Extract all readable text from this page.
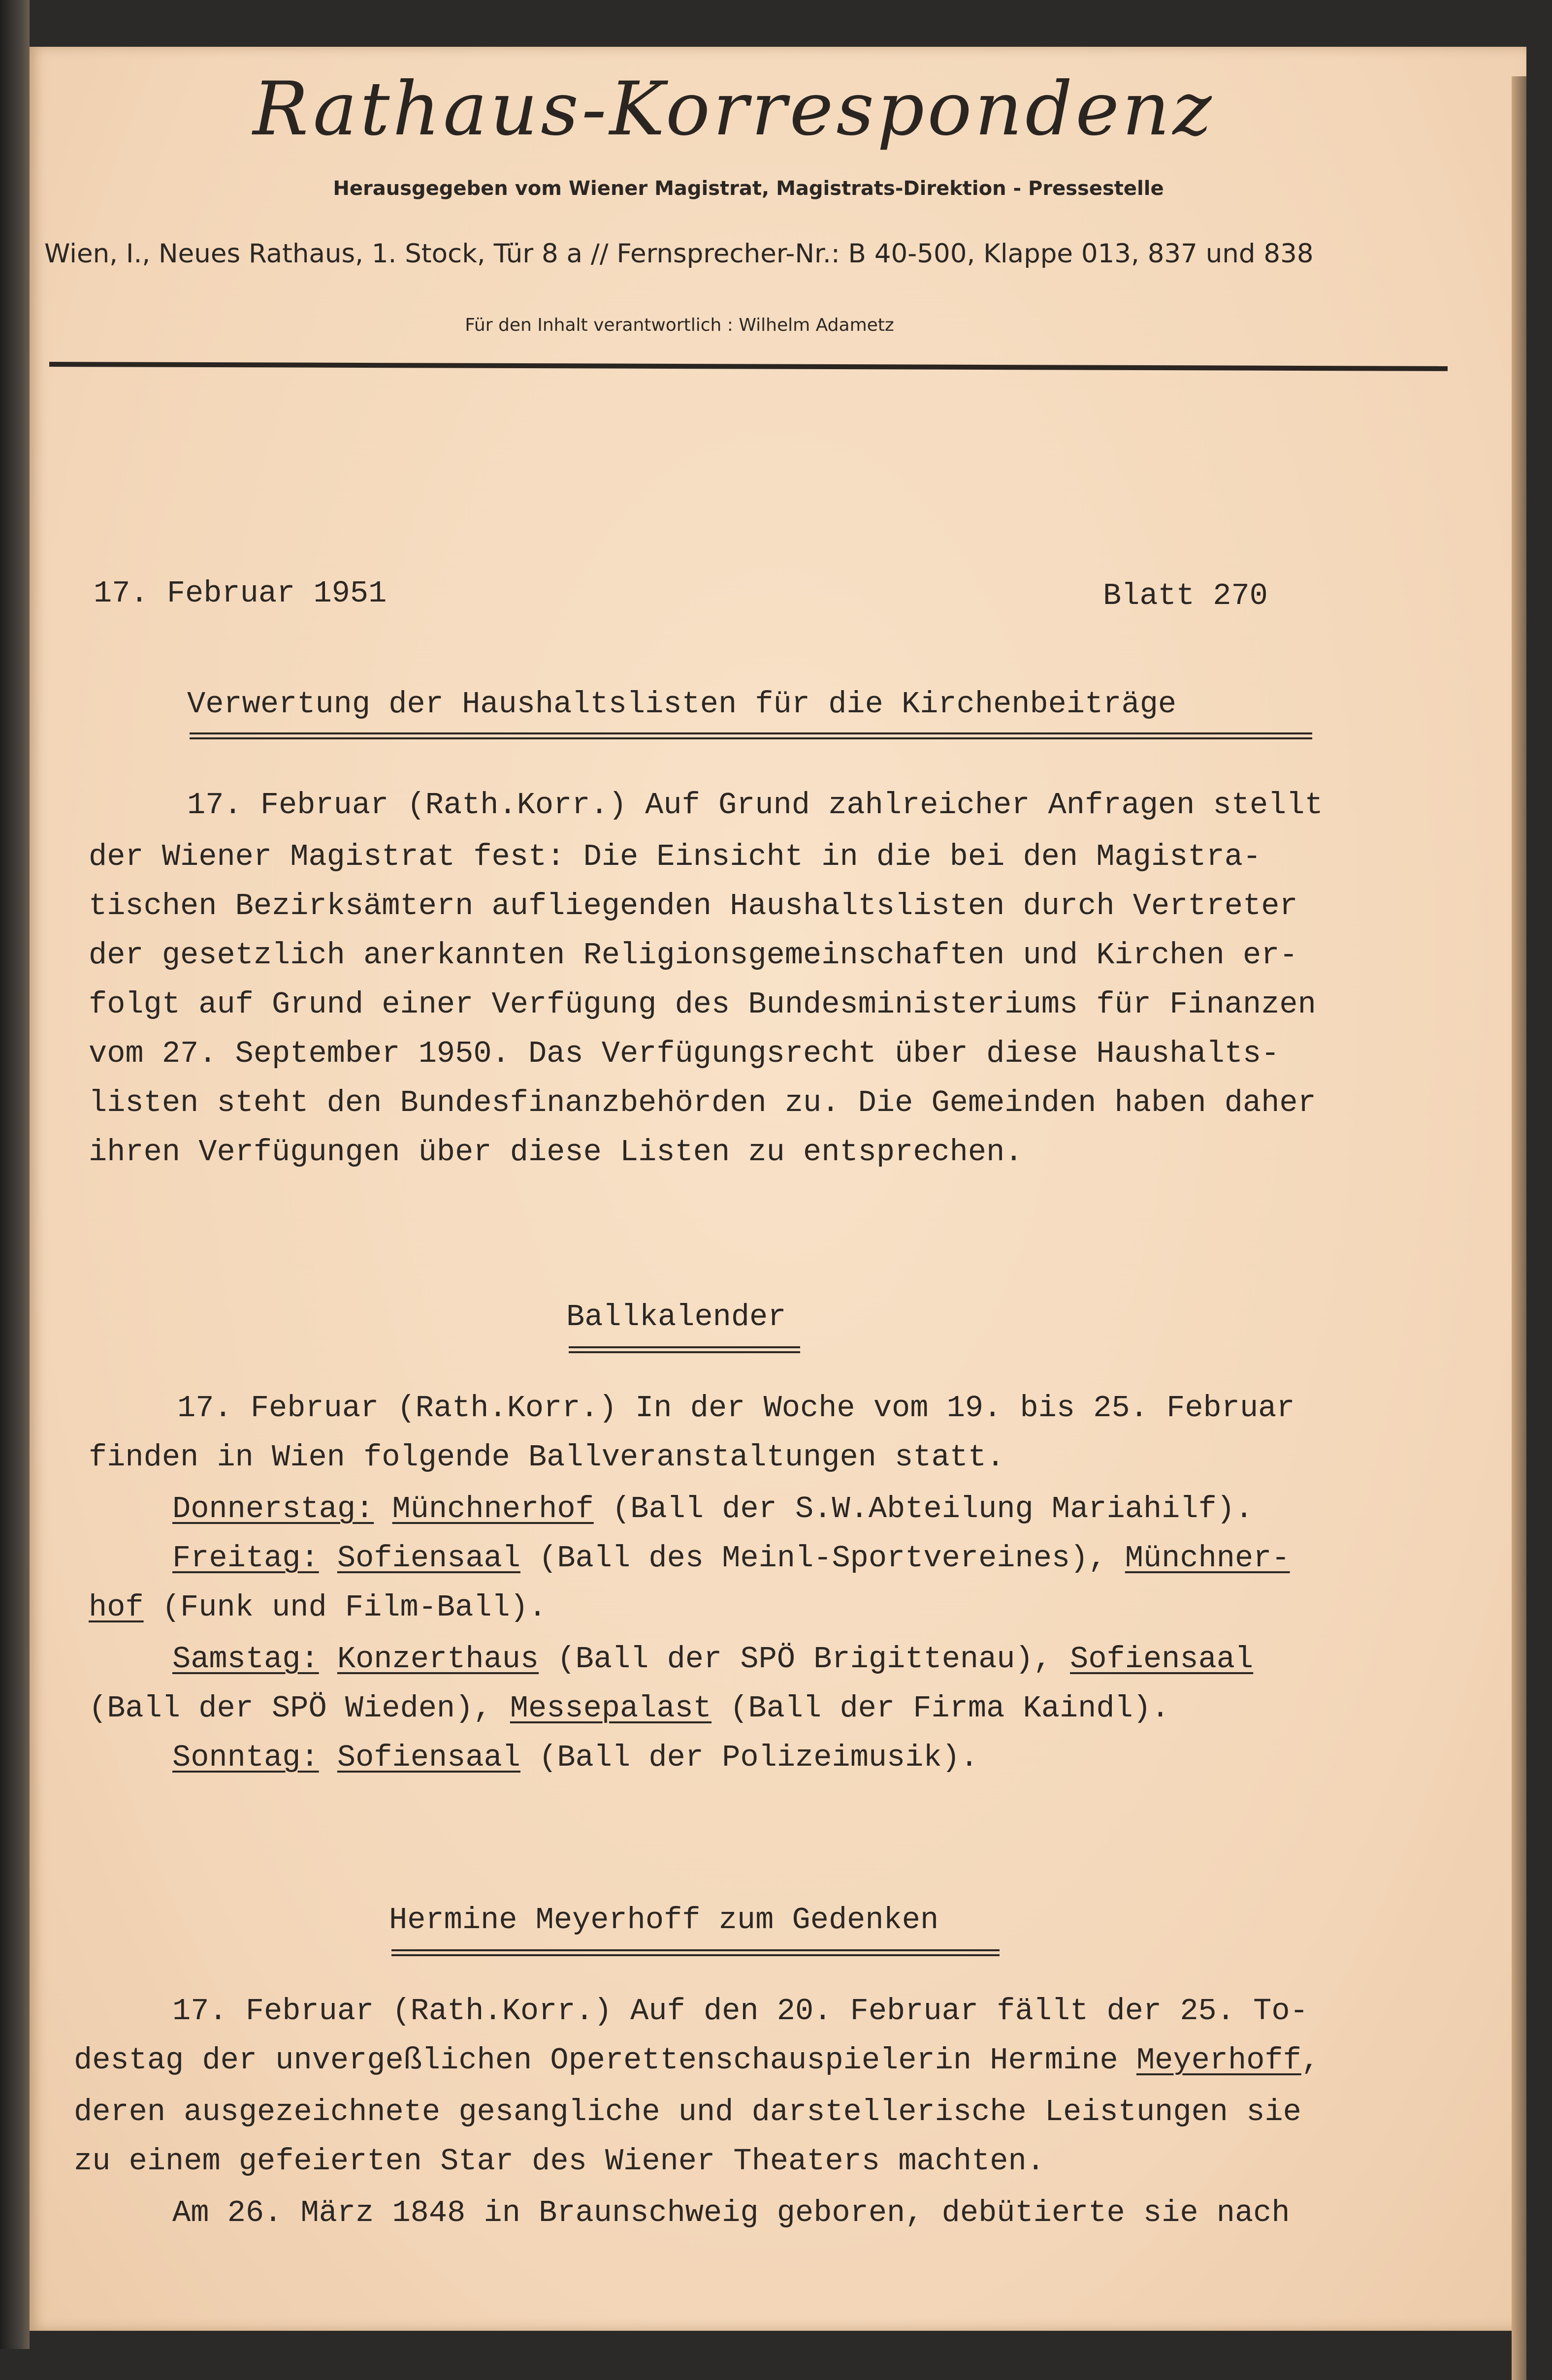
Rathaus-Korrespondenz
Herausgegeben vom Wiener Magistrat, Magistrats-Direktion - Pressestelle
Wien, I., Neues Rathaus, 1. Stock, Tür 8 a // Fernsprecher-Nr.: B 40-500, Klappe 013, 837 und 838
Für den Inhalt verantwortlich : Wilhelm Adametz
17. Februar 1951	Blatt 270
Verwertung der Haushaltslisten für die Kirchenbeiträge
17. Februar (Rath.Korr.) Auf Grund zahlreicher Anfragen stellt
der Wiener Magistrat fest: Die Einsicht in die bei den Magistra-
tischen Bezirksämtern aufliegenden Haushaltslisten durch Vertreter
der gesetzlich anerkannten Religionsgemeinschaften und Kirchen er-
folgt auf Grund einer Verfügung des Bundesministeriums für Finanzen
vom 27. September 1950. Das Verfügungsrecht über diese Haushalts-
listen steht den Bundesfinanzbehörden zu. Die Gemeinden haben daher
ihren Verfügungen über diese Listen zu entsprechen.
Ballkalender
17. Februar (Rath.Korr.) In der Woche vom 19. bis 25. Februar
finden in Wien folgende Ballveranstaltungen statt.
Donnerstag: Münchnerhof (Ball der S.W.Abteilung Mariahilf).
Freitag: Sofiensaal (Ball des Meinl-Sportvereines), Münchner-
hof (Funk und Film-Ball).
Samstag: Konzerthaus (Ball der SPÖ Brigittenau), Sofiensaal
(Ball der SPÖ Wieden), Messepalast (Ball der Firma Kaindl).
Sonntag: Sofiensaal (Ball der Polizeimusik).
Hermine Meyerhoff zum Gedenken
17. Februar (Rath.Korr.) Auf den 20. Februar fällt der 25. To-
destag der unvergeßlichen Operettenschauspielerin Hermine Meyerhoff,
deren ausgezeichnete gesangliche und darstellerische Leistungen sie
zu einem gefeierten Star des Wiener Theaters machten.
Am 26. März 1848 in Braunschweig geboren, debütierte sie nach
